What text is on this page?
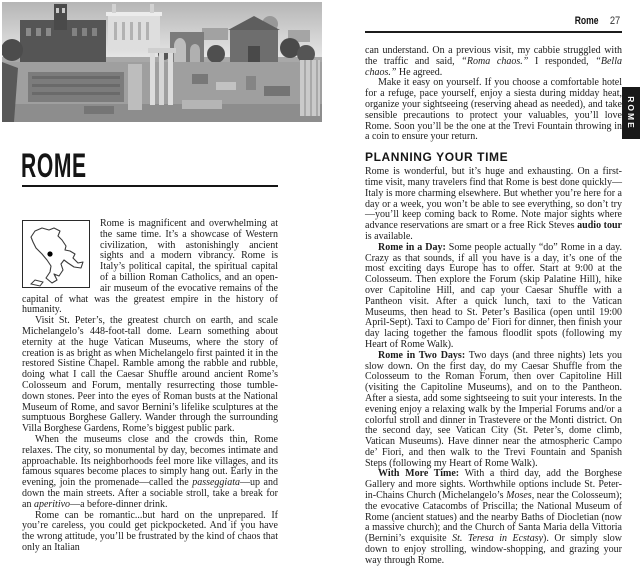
ROME

Rome is magnificent and overwhelming at the same time. It’s a showcase of Western civilization, with astonishingly ancient sights and a modern vibrancy. Rome is Italy’s political capital, the spiritual capital of a billion Roman Catholics, and an open-air museum of the evocative remains of the capital of what was the greatest empire in the history of humanity.

Visit St. Peter’s, the greatest church on earth, and scale Michelangelo’s 448-foot-tall dome. Learn something about eternity at the huge Vatican Museums, where the story of creation is as bright as when Michelangelo first painted it in the restored Sistine Chapel. Ramble among the rabble and rubble, doing what I call the Caesar Shuffle around ancient Rome’s Colosseum and Forum, mentally resurrecting those tumble-down stones. Peer into the eyes of Roman busts at the National Museum of Rome, and savor Bernini’s lifelike sculptures at the sumptuous Borghese Gallery. Wander through the surrounding Villa Borghese Gardens, Rome’s biggest public park.

When the museums close and the crowds thin, Rome relaxes. The city, so monumental by day, becomes intimate and approachable. Its neighborhoods feel more like villages, and its famous squares become places to simply hang out. Early in the evening, join the promenade—called the passeggiata—up and down the main streets. After a sociable stroll, take a break for an aperitivo—a before-dinner drink.

Rome can be romantic...but hard on the unprepared. If you’re careless, you could get pickpocketed. And if you have the wrong attitude, you’ll be frustrated by the kind of chaos that only an Italian

Rome 27

can understand. On a previous visit, my cabbie struggled with the traffic and said, “Roma chaos.” I responded, “Bella chaos.” He agreed.

Make it easy on yourself. If you choose a comfortable hotel for a refuge, pace yourself, enjoy a siesta during midday heat, organize your sightseeing (reserving ahead as needed), and take sensible precautions to protect your valuables, you’ll love Rome. Soon you’ll be the one at the Trevi Fountain throwing in a coin to ensure your return.

PLANNING YOUR TIME

Rome is wonderful, but it’s huge and exhausting. On a first-time visit, many travelers find that Rome is best done quickly—Italy is more charming elsewhere. But whether you’re here for a day or a week, you won’t be able to see everything, so don’t try—you’ll keep coming back to Rome. Note major sights where advance reservations are smart or a free Rick Steves audio tour is available.

Rome in a Day: Some people actually “do” Rome in a day. Crazy as that sounds, if all you have is a day, it’s one of the most exciting days Europe has to offer. Start at 9:00 at the Colosseum. Then explore the Forum (skip Palatine Hill), hike over Capitoline Hill, and cap your Caesar Shuffle with a Pantheon visit. After a quick lunch, taxi to the Vatican Museums, then head to St. Peter’s Basilica (open until 19:00 April-Sept). Taxi to Campo de’ Fiori for dinner, then finish your day lacing together the famous floodlit spots (following my Heart of Rome Walk).

Rome in Two Days: Two days (and three nights) lets you slow down. On the first day, do my Caesar Shuffle from the Colosseum to the Roman Forum, then over Capitoline Hill (visiting the Capitoline Museums), and on to the Pantheon. After a siesta, add some sightseeing to suit your interests. In the evening enjoy a relaxing walk by the Imperial Forums and/or a colorful stroll and dinner in Trastevere or the Monti district. On the second day, see Vatican City (St. Peter’s, dome climb, Vatican Museums). Have dinner near the atmospheric Campo de’ Fiori, and then walk to the Trevi Fountain and Spanish Steps (following my Heart of Rome Walk).

With More Time: With a third day, add the Borghese Gallery and more sights. Worthwhile options include St. Peter-in-Chains Church (Michelangelo’s Moses, near the Colosseum); the evocative Catacombs of Priscilla; the National Museum of Rome (ancient statues) and the nearby Baths of Diocletian (now a massive church); and the Church of Santa Maria della Vittoria (Bernini’s exquisite St. Teresa in Ecstasy). Or simply slow down to enjoy strolling, window-shopping, and grazing your way through Rome.

ROME
